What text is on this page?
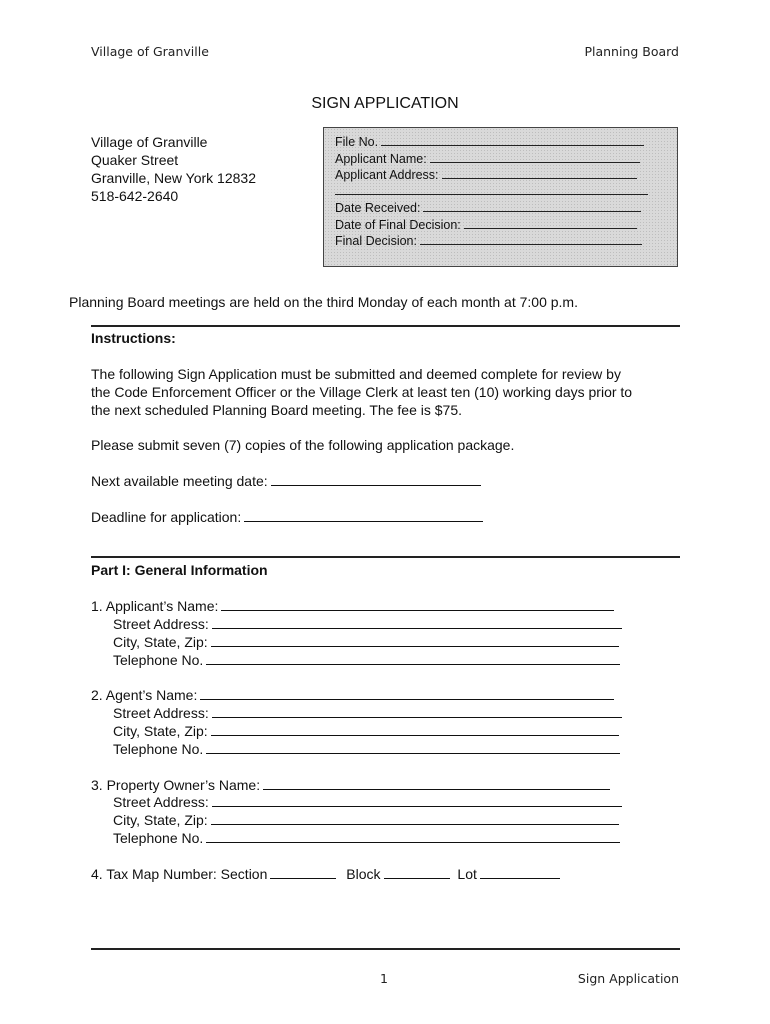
Village of Granville	Planning Board
SIGN APPLICATION
Village of Granville
Quaker Street
Granville, New York 12832
518-642-2640
File No.
Applicant Name:
Applicant Address:
Date Received:
Date of Final Decision:
Final Decision:
Planning Board meetings are held on the third Monday of each month at 7:00 p.m.
Instructions:

The following Sign Application must be submitted and deemed complete for review by

the Code Enforcement Officer or the Village Clerk at least ten (10) working days prior to

the next scheduled Planning Board meeting. The fee is $75.

Please submit seven (7) copies of the following application package.
Next available meeting date:
Deadline for application:
Part I: General Information
1. Applicant’s Name:
Street Address:
City, State, Zip:
Telephone No.
2. Agent’s Name:
Street Address:
City, State, Zip:
Telephone No.
3. Property Owner’s Name:
Street Address:
City, State, Zip:
Telephone No.
4. Tax Map Number: Section	Block	Lot
1	Sign Application
